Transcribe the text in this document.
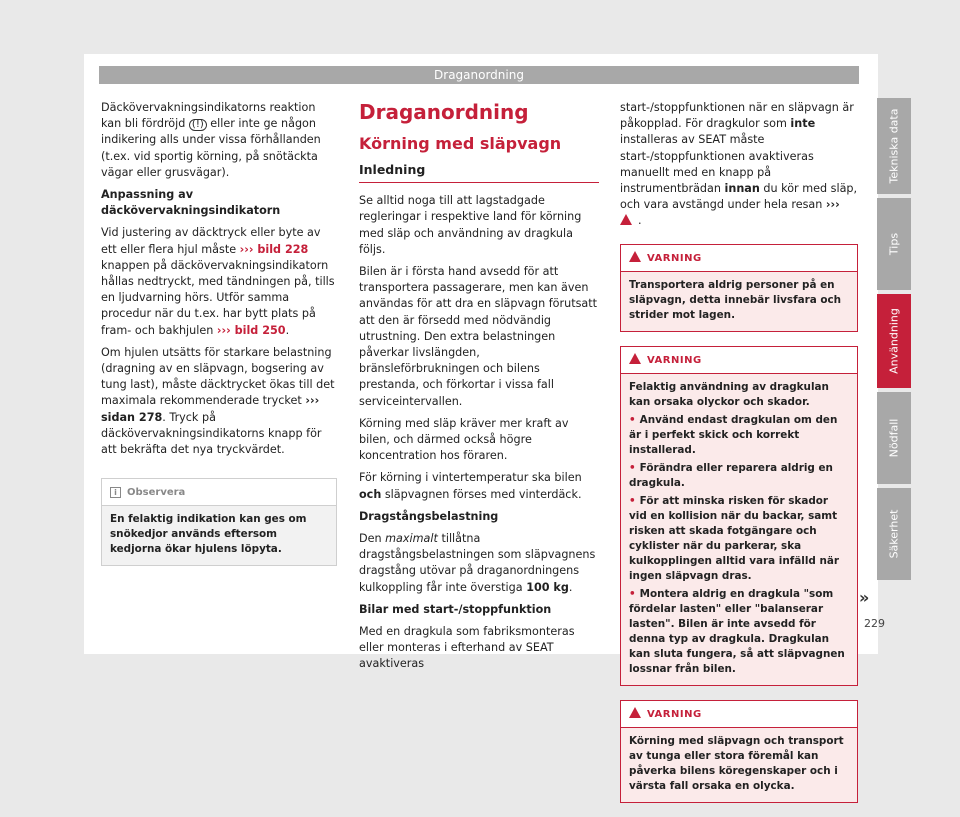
Draganordning

Däckövervakningsindikatorns reaktion kan bli fördröjd (!) eller inte ge någon indikering alls under vissa förhållanden (t.ex. vid sportig körning, på snötäckta vägar eller grusvägar).

Anpassning av däckövervakningsindikatorn

Vid justering av däcktryck eller byte av ett eller flera hjul måste ››› bild 228 knappen på däckövervakningsindikatorn hållas nedtryckt, med tändningen på, tills en ljudvarning hörs. Utför samma procedur när du t.ex. har bytt plats på fram- och bakhjulen ››› bild 250.

Om hjulen utsätts för starkare belastning (dragning av en släpvagn, bogsering av tung last), måste däcktrycket ökas till det maximala rekommenderade trycket ››› sidan 278. Tryck på däckövervakningsindikatorns knapp för att bekräfta det nya tryckvärdet.

i Observera
En felaktig indikation kan ges om snökedjor används eftersom kedjorna ökar hjulens löpyta.
Draganordning
Körning med släpvagn
Inledning

Se alltid noga till att lagstadgade regleringar i respektive land för körning med släp och användning av dragkula följs.

Bilen är i första hand avsedd för att transportera passagerare, men kan även användas för att dra en släpvagn förutsatt att den är försedd med nödvändig utrustning. Den extra belastningen påverkar livslängden, bränsleförbrukningen och bilens prestanda, och förkortar i vissa fall serviceintervallen.

Körning med släp kräver mer kraft av bilen, och därmed också högre koncentration hos föraren.

För körning i vintertemperatur ska bilen och släpvagnen förses med vinterdäck.

Dragstångsbelastning

Den maximalt tillåtna dragstångsbelastningen som släpvagnens dragstång utövar på draganordningens kulkoppling får inte överstiga 100 kg.

Bilar med start-/stoppfunktion

Med en dragkula som fabriksmonteras eller monteras i efterhand av SEAT avaktiveras

start-/stoppfunktionen när en släpvagn är påkopplad. För dragkulor som inte installeras av SEAT måste start-/stoppfunktionen avaktiveras manuellt med en knapp på instrumentbrädan innan du kör med släp, och vara avstängd under hela resan ››› .

VARNING
Transportera aldrig personer på en släpvagn, detta innebär livsfara och strider mot lagen.
VARNING
Felaktig användning av dragkulan kan orsaka olyckor och skador.
• Använd endast dragkulan om den är i perfekt skick och korrekt installerad.
• Förändra eller reparera aldrig en dragkula.
• För att minska risken för skador vid en kollision när du backar, samt risken att skada fotgängare och cyklister när du parkerar, ska kulkopplingen alltid vara infälld när ingen släpvagn dras.
• Montera aldrig en dragkula "som fördelar lasten" eller "balanserar lasten". Bilen är inte avsedd för denna typ av dragkula. Dragkulan kan sluta fungera, så att släpvagnen lossnar från bilen.
VARNING
Körning med släpvagn och transport av tunga eller stora föremål kan påverka bilens köregenskaper och i värsta fall orsaka en olycka.
»
Tekniska data
Tips
Användning
Nödfall
Säkerhet
229
